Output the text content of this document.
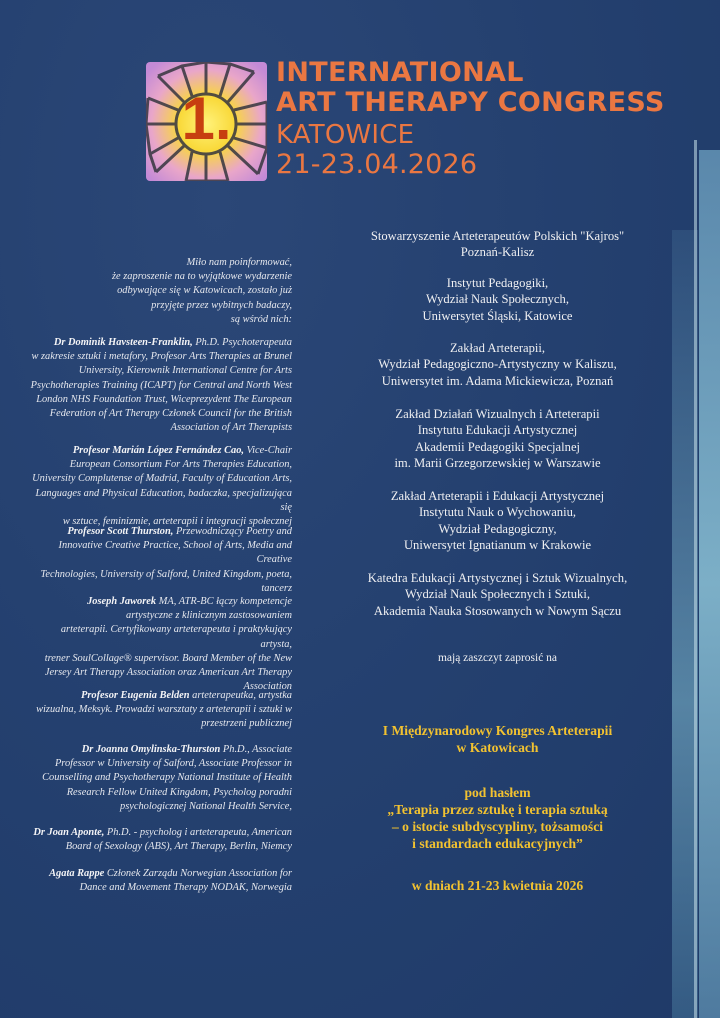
1.
INTERNATIONAL
ART THERAPY CONGRESS
KATOWICE
21-23.04.2026
Miło nam poinformować,
że zaproszenie na to wyjątkowe wydarzenie
odbywające się w Katowicach, zostało już
przyjęte przez wybitnych badaczy,
są wśród nich:
Dr Dominik Havsteen-Franklin, Ph.D. Psychoterapeuta
w zakresie sztuki i metafory, Profesor Arts Therapies at Brunel
University, Kierownik International Centre for Arts
Psychotherapies Training (ICAPT) for Central and North West
London NHS Foundation Trust, Wiceprezydent The European
Federation of Art Therapy Członek Council for the British
Association of Art Therapists
Profesor Marián López Fernández Cao, Vice-Chair
European Consortium For Arts Therapies Education,
University Complutense of Madrid, Faculty of Education Arts,
Languages and Physical Education, badaczka, specjalizująca się
w sztuce, feminizmie, arteterapii i integracji społecznej
Profesor Scott Thurston, Przewodniczący Poetry and
Innovative Creative Practice, School of Arts, Media and Creative
Technologies, University of Salford, United Kingdom, poeta,
tancerz
Joseph Jaworek MA, ATR-BC łączy kompetencje
artystyczne z klinicznym zastosowaniem
arteterapii. Certyfikowany arteterapeuta i praktykujący artysta,
trener SoulCollage® supervisor. Board Member of the New
Jersey Art Therapy Association oraz American Art Therapy
Association
Profesor Eugenia Belden arteterapeutka, artystka
wizualna, Meksyk. Prowadzi warsztaty z arteterapii i sztuki w
przestrzeni publicznej
Dr Joanna Omylinska-Thurston Ph.D., Associate
Professor w University of Salford, Associate Professor in
Counselling and Psychotherapy National Institute of Health
Research Fellow United Kingdom, Psycholog poradni
psychologicznej National Health Service,
Dr Joan Aponte, Ph.D. - psycholog i arteterapeuta, American
Board of Sexology (ABS), Art Therapy, Berlin, Niemcy
Agata Rappe Członek Zarządu Norwegian Association for
Dance and Movement Therapy NODAK, Norwegia
Stowarzyszenie Arteterapeutów Polskich "Kajros"
Poznań-Kalisz
Instytut Pedagogiki,
Wydział Nauk Społecznych,
Uniwersytet Śląski, Katowice
Zakład Arteterapii,
Wydział Pedagogiczno-Artystyczny w Kaliszu,
Uniwersytet im. Adama Mickiewicza, Poznań
Zakład Działań Wizualnych i Arteterapii
Instytutu Edukacji Artystycznej
Akademii Pedagogiki Specjalnej
im. Marii Grzegorzewskiej w Warszawie
Zakład Arteterapii i Edukacji Artystycznej
Instytutu Nauk o Wychowaniu,
Wydział Pedagogiczny,
Uniwersytet Ignatianum w Krakowie
Katedra Edukacji Artystycznej i Sztuk Wizualnych,
Wydział Nauk Społecznych i Sztuki,
Akademia Nauka Stosowanych w Nowym Sączu
mają zaszczyt zaprosić na
I Międzynarodowy Kongres Arteterapii
w Katowicach
pod hasłem
„Terapia przez sztukę i terapia sztuką
– o istocie subdyscypliny, tożsamości
i standardach edukacyjnych”
w dniach 21-23 kwietnia 2026
